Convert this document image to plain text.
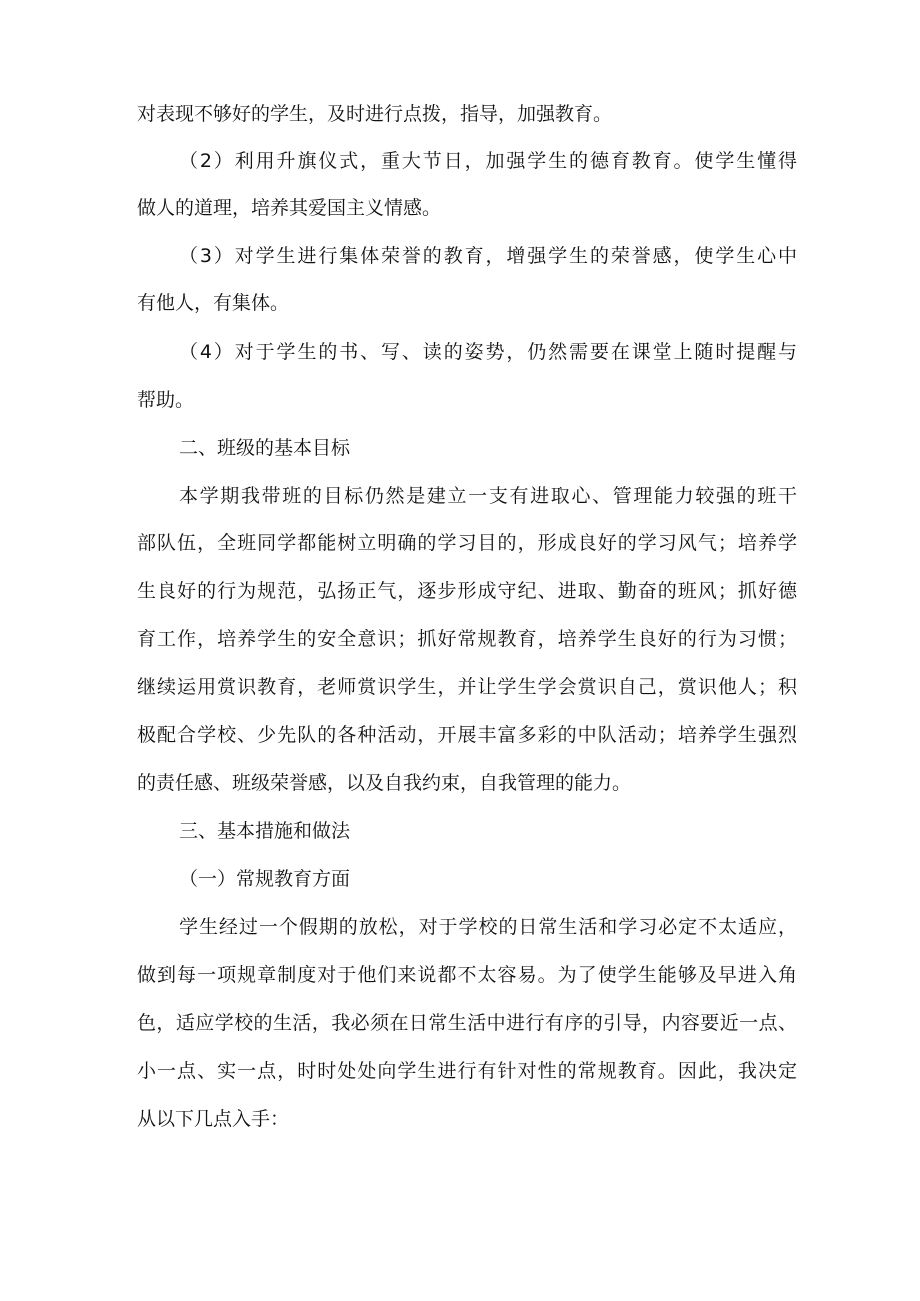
对表现不够好的学生，及时进行点拨，指导，加强教育。
（2）利用升旗仪式，重大节日，加强学生的德育教育。使学生懂得
做人的道理，培养其爱国主义情感。
（3）对学生进行集体荣誉的教育，增强学生的荣誉感，使学生心中
有他人，有集体。
（4）对于学生的书、写、读的姿势，仍然需要在课堂上随时提醒与
帮助。
二、班级的基本目标
本学期我带班的目标仍然是建立一支有进取心、管理能力较强的班干
部队伍，全班同学都能树立明确的学习目的，形成良好的学习风气；培养学
生良好的行为规范，弘扬正气，逐步形成守纪、进取、勤奋的班风；抓好德
育工作，培养学生的安全意识；抓好常规教育，培养学生良好的行为习惯；
继续运用赏识教育，老师赏识学生，并让学生学会赏识自己，赏识他人；积
极配合学校、少先队的各种活动，开展丰富多彩的中队活动；培养学生强烈
的责任感、班级荣誉感，以及自我约束，自我管理的能力。
三、基本措施和做法
（一）常规教育方面
学生经过一个假期的放松，对于学校的日常生活和学习必定不太适应，
做到每一项规章制度对于他们来说都不太容易。为了使学生能够及早进入角
色，适应学校的生活，我必须在日常生活中进行有序的引导，内容要近一点、
小一点、实一点，时时处处向学生进行有针对性的常规教育。因此，我决定
从以下几点入手：
